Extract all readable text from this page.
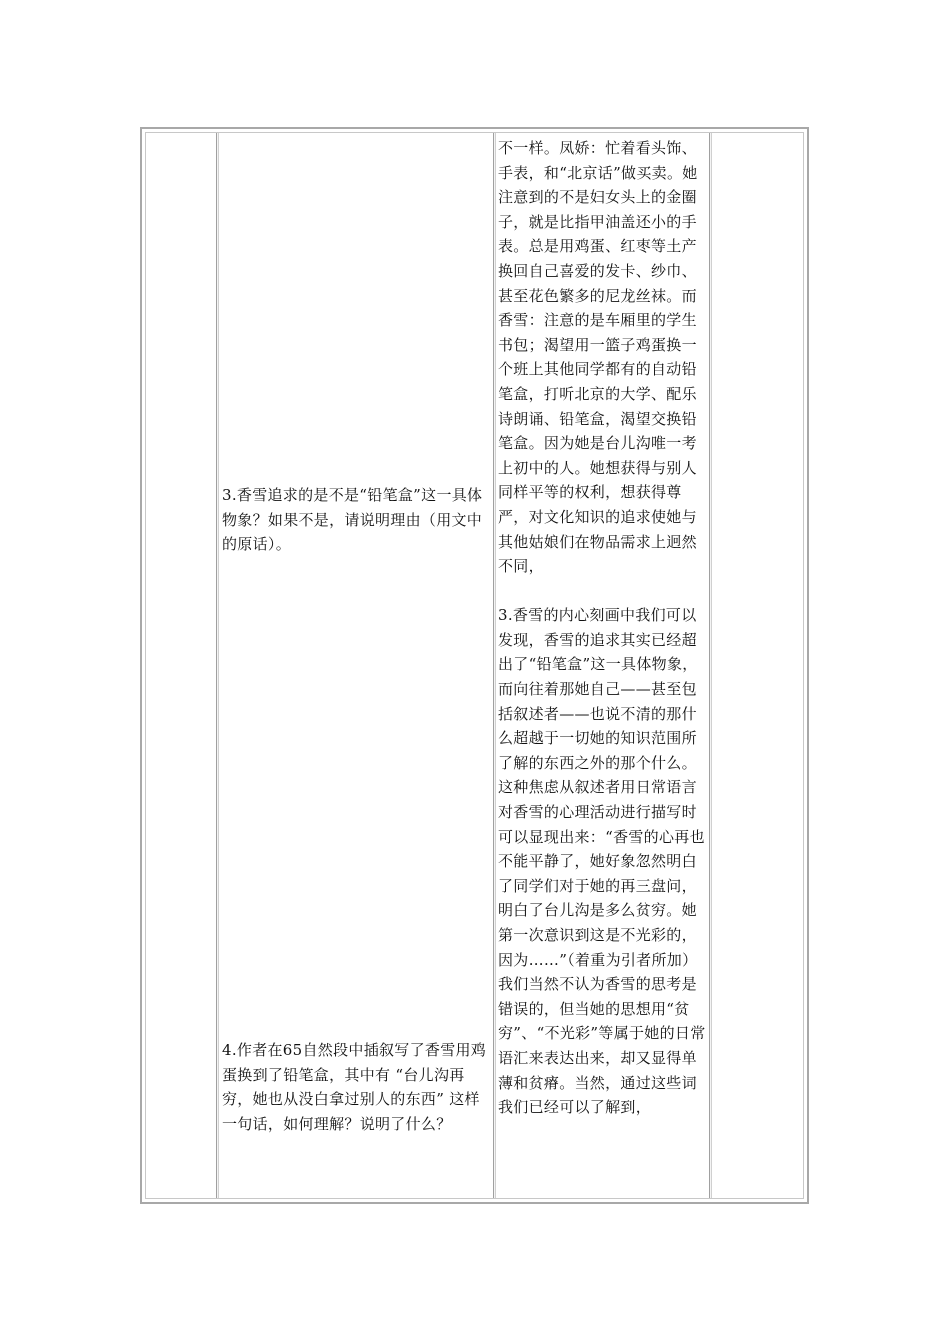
3.香雪追求的是不是“铅笔盒”这一具体物象？如果不是，请说明理由（用文中的原话）。
4.作者在65自然段中插叙写了香雪用鸡蛋换到了铅笔盒，其中有 “台儿沟再穷，她也从没白拿过别人的东西” 这样一句话，如何理解？说明了什么？

不一样。凤娇：忙着看头饰、手表，和“北京话”做买卖。她注意到的不是妇女头上的金圈子，就是比指甲油盖还小的手表。总是用鸡蛋、红枣等土产换回自己喜爱的发卡、纱巾、甚至花色繁多的尼龙丝袜。而香雪：注意的是车厢里的学生书包；渴望用一篮子鸡蛋换一个班上其他同学都有的自动铅笔盒，打听北京的大学、配乐诗朗诵、铅笔盒，渴望交换铅笔盒。因为她是台儿沟唯一考上初中的人。她想获得与别人同样平等的权利，想获得尊严，对文化知识的追求使她与其他姑娘们在物品需求上迥然不同，

3.香雪的内心刻画中我们可以发现，香雪的追求其实已经超出了“铅笔盒”这一具体物象，而向往着那她自己——甚至包括叙述者——也说不清的那什么超越于一切她的知识范围所了解的东西之外的那个什么。这种焦虑从叙述者用日常语言对香雪的心理活动进行描写时可以显现出来：“香雪的心再也不能平静了，她好象忽然明白了同学们对于她的再三盘问，明白了台儿沟是多么贫穷。她第一次意识到这是不光彩的，因为……”（着重为引者所加）我们当然不认为香雪的思考是错误的，但当她的思想用“贫穷”、“不光彩”等属于她的日常语汇来表达出来，却又显得单薄和贫瘠。当然，通过这些词我们已经可以了解到，
